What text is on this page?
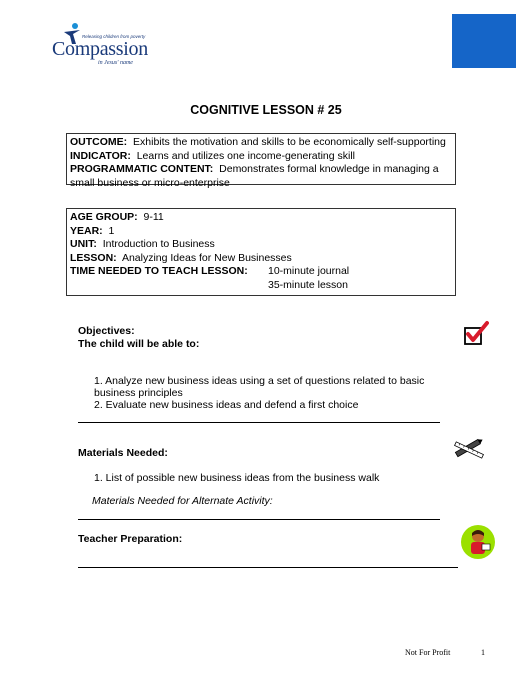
Releasing children from poverty
Compassion
in Jesus' name
COGNITIVE LESSON # 25
OUTCOME: Exhibits the motivation and skills to be economically self-supporting
INDICATOR: Learns and utilizes one income-generating skill
PROGRAMMATIC CONTENT: Demonstrates formal knowledge in managing a small business or micro-enterprise
AGE GROUP: 9-11
YEAR: 1
UNIT: Introduction to Business
LESSON: Analyzing Ideas for New Businesses
TIME NEEDED TO TEACH LESSON: 10-minute journal

35-minute lesson
Objectives:
The child will be able to:
1. Analyze new business ideas using a set of questions related to basic business principles
2. Evaluate new business ideas and defend a first choice
Materials Needed:
1. List of possible new business ideas from the business walk
Materials Needed for Alternate Activity:
Teacher Preparation:
Not For Profit	1
